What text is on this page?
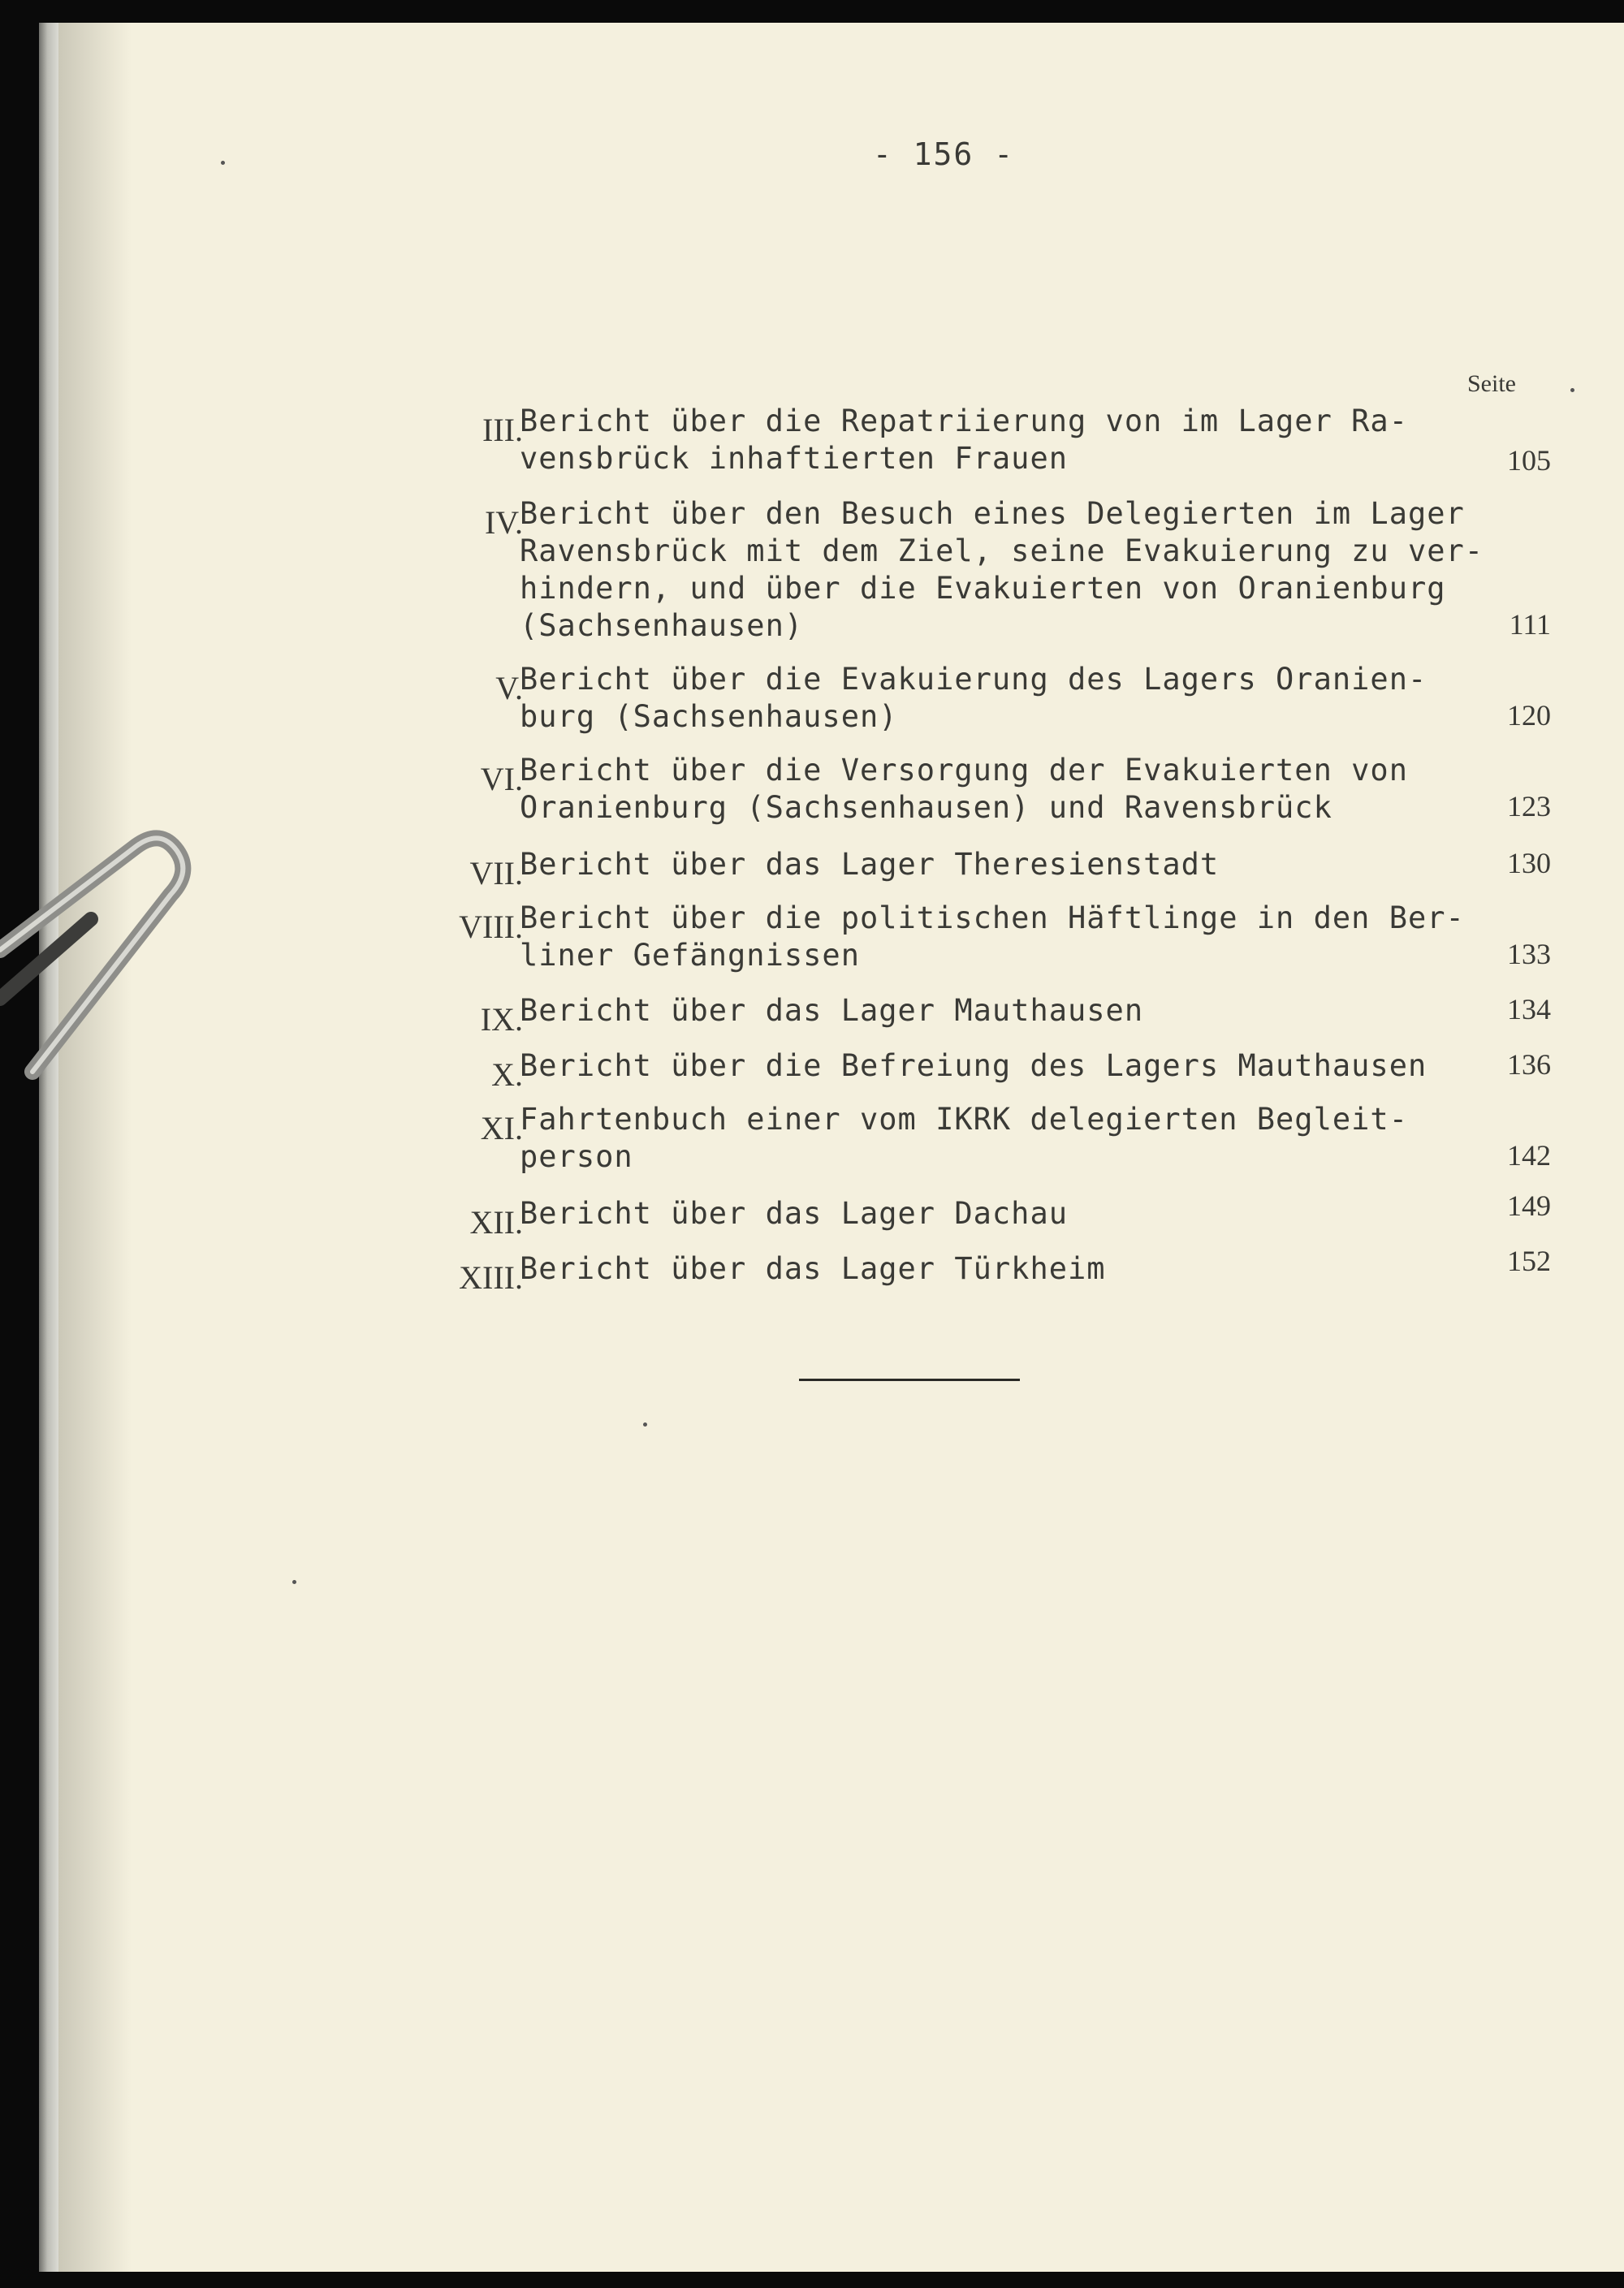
- 156 -
Seite
III.
Bericht über die Repatriierung von im Lager Ra-
vensbrück inhaftierten Frauen	105
IV.
Bericht über den Besuch eines Delegierten im Lager
Ravensbrück mit dem Ziel, seine Evakuierung zu ver-
hindern, und über die Evakuierten von Oranienburg
(Sachsenhausen)	111
V.
Bericht über die Evakuierung des Lagers Oranien-
burg (Sachsenhausen)	120
VI.
Bericht über die Versorgung der Evakuierten von
Oranienburg (Sachsenhausen) und Ravensbrück	123
VII.
Bericht über das Lager Theresienstadt	130
VIII.
Bericht über die politischen Häftlinge in den Ber-
liner Gefängnissen	133
IX.
Bericht über das Lager Mauthausen	134
X.
Bericht über die Befreiung des Lagers Mauthausen	136
XI.
Fahrtenbuch einer vom IKRK delegierten Begleit-
person	142
XII.
Bericht über das Lager Dachau	149
XIII.
Bericht über das Lager Türkheim	152
